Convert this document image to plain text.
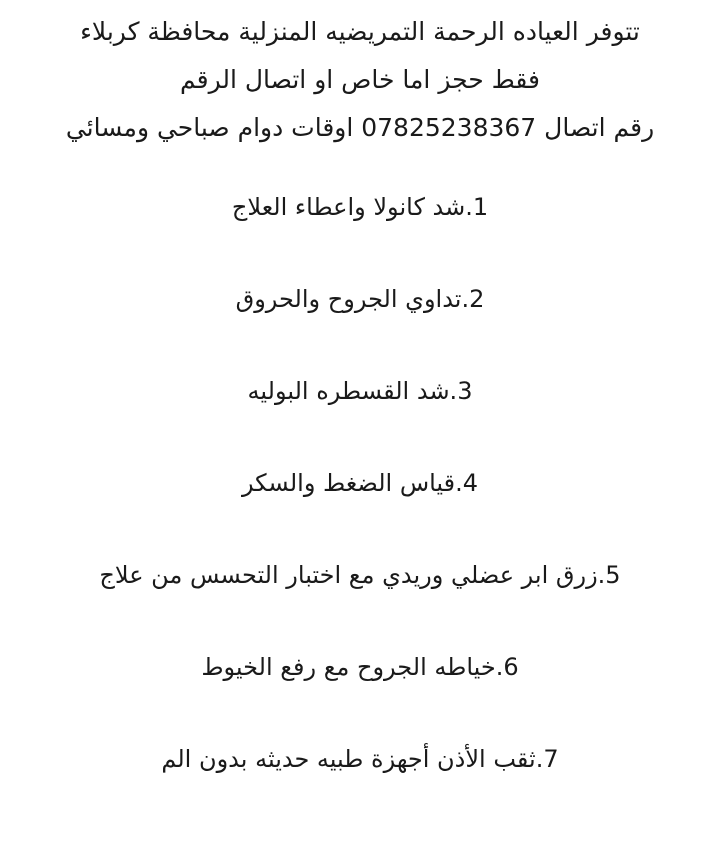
تتوفر العياده الرحمة التمريضيه المنزلية محافظة كربلاء
فقط حجز اما خاص او اتصال الرقم
رقم اتصال 07825238367 اوقات دوام صباحي ومسائي
1.شد كانولا واعطاء العلاج
2.تداوي الجروح والحروق
3.شد القسطره البوليه
4.قياس الضغط والسكر
5.زرق ابر عضلي وريدي مع اختبار التحسس من علاج
6.خياطه الجروح مع رفع الخيوط
7.ثقب الأذن أجهزة طبيه حديثه بدون الم
